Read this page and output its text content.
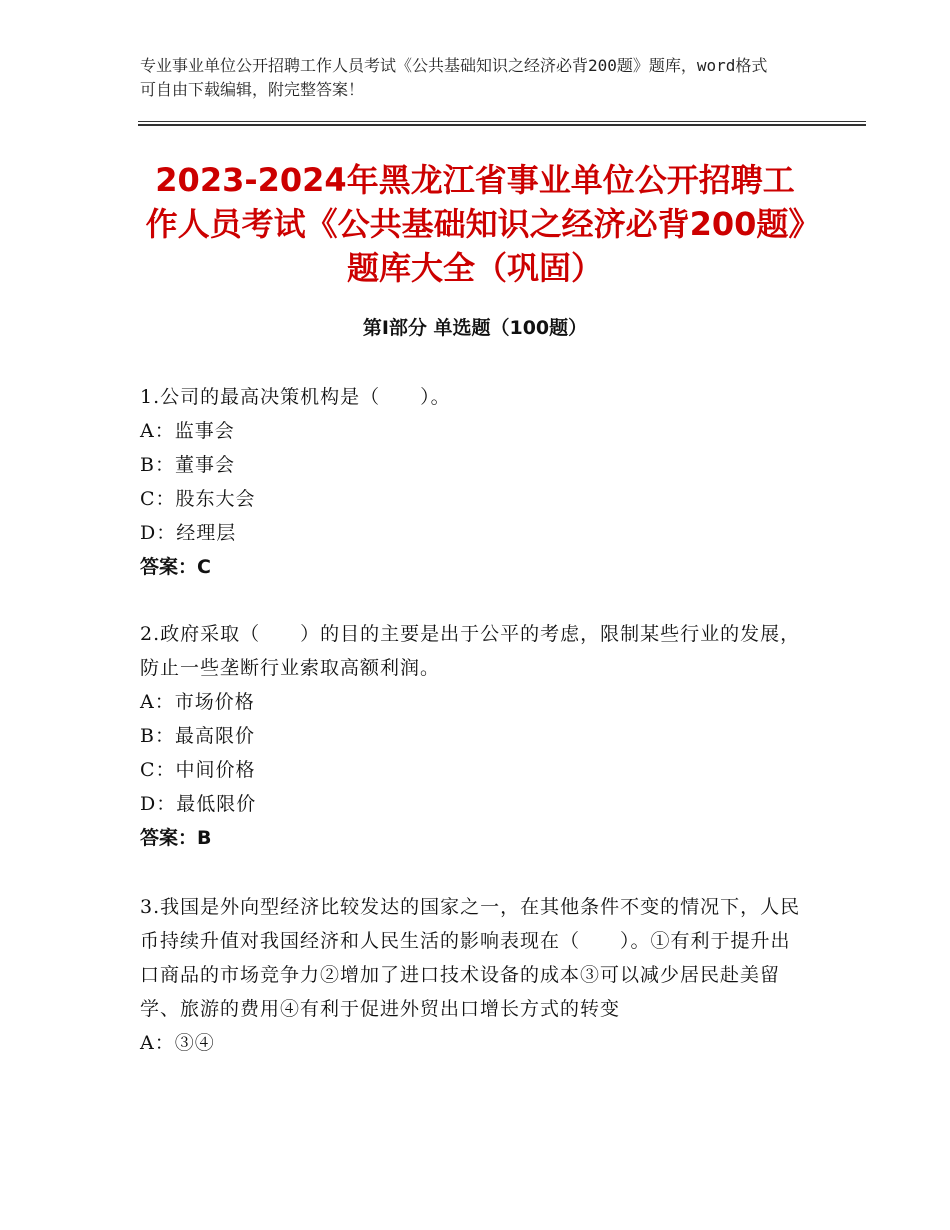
专业事业单位公开招聘工作人员考试《公共基础知识之经济必背200题》题库，word格式可自由下载编辑，附完整答案！
2023-2024年黑龙江省事业单位公开招聘工作人员考试《公共基础知识之经济必背200题》题库大全（巩固）
第Ⅰ部分 单选题（100题）

1.公司的最高决策机构是（　　）。

A：监事会

B：董事会

C：股东大会

D：经理层

答案：C

2.政府采取（　　）的目的主要是出于公平的考虑，限制某些行业的发展，防止一些垄断行业索取高额利润。

A：市场价格

B：最高限价

C：中间价格

D：最低限价

答案：B

3.我国是外向型经济比较发达的国家之一，在其他条件不变的情况下，人民币持续升值对我国经济和人民生活的影响表现在（　　）。①有利于提升出口商品的市场竞争力②增加了进口技术设备的成本③可以减少居民赴美留学、旅游的费用④有利于促进外贸出口增长方式的转变

A：③④
